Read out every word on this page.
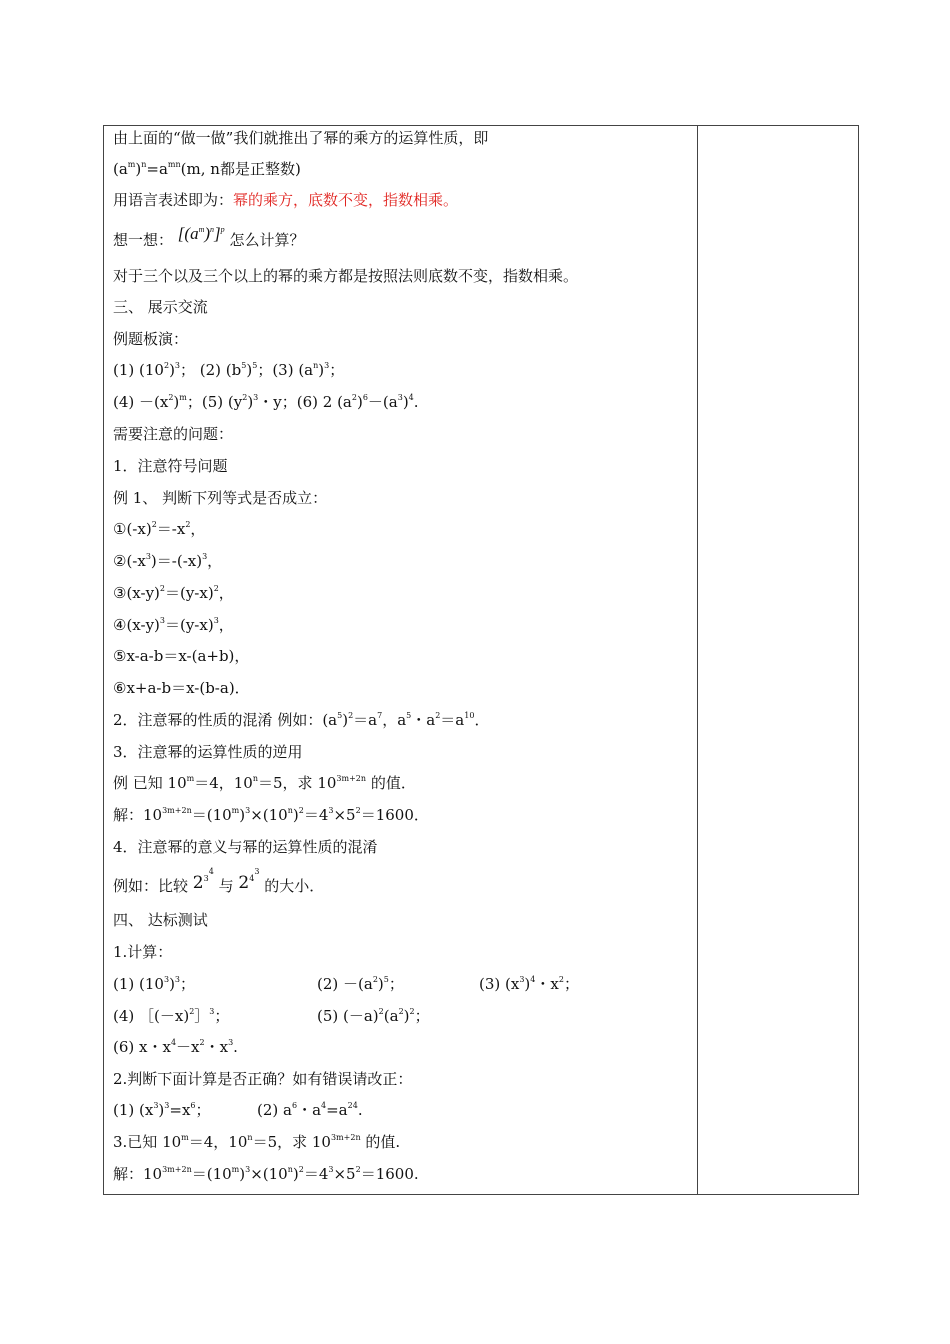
由上面的“做一做”我们就推出了幂的乘方的运算性质，即
$(a^m)^n=a^{mn}(m$, n都是正整数)
用语言表述即为：幂的乘方，底数不变，指数相乘。
想一想： $[(a^m)^n]^p$ 怎么计算？
对于三个以及三个以上的幂的乘方都是按照法则底数不变，指数相乘。
三、 展示交流
例题板演：
(1) $(10^2)^3$； (2) $(b^5)^5$；(3) $(a^n)^3$；
$(4) -(x^2)^m$；(5) $(y^2)^3$・y；(6) 2 $(a^2)^6-(a^3)^4$.
需要注意的问题：
1．注意符号问题
例 1、 判断下列等式是否成立：
$①(-x)^2=-x^2$，
$②(-x^3)=-(-x)^3$，
$③(x-y)^2=(y-x)^2$，
$④(x-y)^3=(y-x)^3$，
⑤x-a-b＝x-(a+b)，
⑥x+a-b＝x-(b-a)．
2．注意幂的性质的混淆 例如：$(a^5)^2=a^7$，$a^5$・$a^2=a^{10}$．
3．注意幂的运算性质的逆用
例 已知 $10^m=4$，$10^n=5$，求 $10^{3m+2n}$ 的值．
解：$10^{3m+2n}=(10^m)^3\times(10^n)^2=4^3\times 5^2=1600$．
4．注意幂的意义与幂的运算性质的混淆
例如：比较 $2^{3^4}$ 与 $2^{4^3}$ 的大小．
四、 达标测试
1.计算：
(1) $(10^3)^3$；	$(2) -(a^2)^5$；	(3) $(x^3)^4$・$x^2$；
(4) $[(-x)^2]^3$；	(5) $(-a)^2(a^2)^2$；
(6) x・$x^4-x^2$・$x^3$.
2.判断下面计算是否正确？如有错误请改正：
(1) $(x^3)^3=x^6$；	(2) $a^6$・$a^4=a^{24}$.
3.已知 $10^m=4$，$10^n=5$，求 $10^{3m+2n}$ 的值.
解：$10^{3m+2n}=(10^m)^3\times(10^n)^2=4^3\times 5^2=1600$.
